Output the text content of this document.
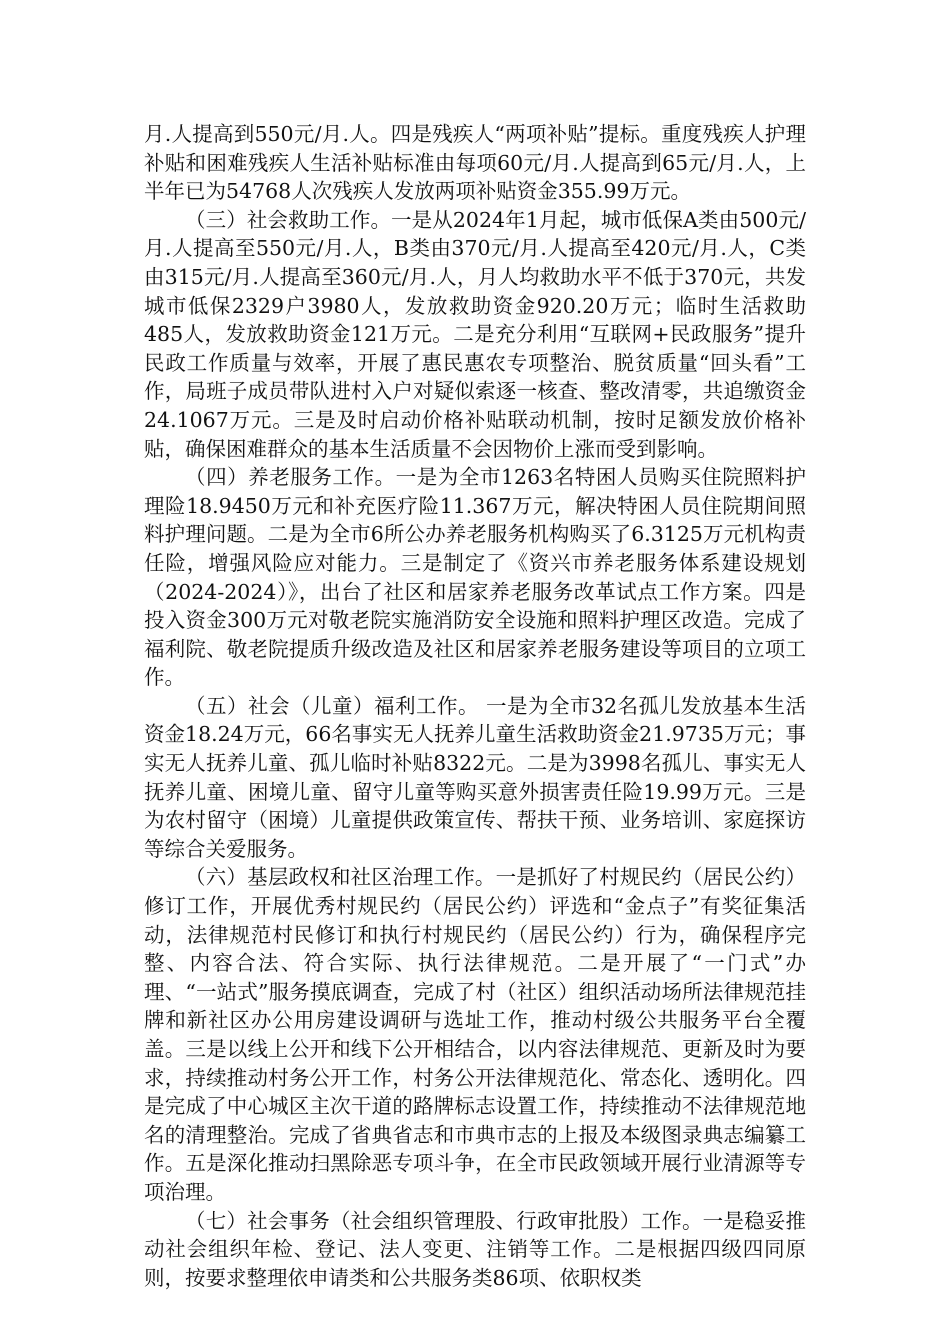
月.人提高到550元/月.人。四是残疾人“两项补贴”提标。重度残疾人护理补贴和困难残疾人生活补贴标准由每项60元/月.人提高到65元/月.人，上半年已为54768人次残疾人发放两项补贴资金355.99万元。

（三）社会救助工作。一是从2024年1月起，城市低保A类由500元/月.人提高至550元/月.人，B类由370元/月.人提高至420元/月.人，C类由315元/月.人提高至360元/月.人，月人均救助水平不低于370元，共发城市低保2329户3980人，发放救助资金920.20万元；临时生活救助485人，发放救助资金121万元。二是充分利用“互联网+民政服务”提升民政工作质量与效率，开展了惠民惠农专项整治、脱贫质量“回头看”工作，局班子成员带队进村入户对疑似索逐一核查、整改清零，共追缴资金24.1067万元。三是及时启动价格补贴联动机制，按时足额发放价格补贴，确保困难群众的基本生活质量不会因物价上涨而受到影响。

（四）养老服务工作。一是为全市1263名特困人员购买住院照料护理险18.9450万元和补充医疗险11.367万元，解决特困人员住院期间照料护理问题。二是为全市6所公办养老服务机构购买了6.3125万元机构责任险，增强风险应对能力。三是制定了《资兴市养老服务体系建设规划（2024-2024）》，出台了社区和居家养老服务改革试点工作方案。四是投入资金300万元对敬老院实施消防安全设施和照料护理区改造。完成了福利院、敬老院提质升级改造及社区和居家养老服务建设等项目的立项工作。

（五）社会（儿童）福利工作。 一是为全市32名孤儿发放基本生活资金18.24万元，66名事实无人抚养儿童生活救助资金21.9735万元；事实无人抚养儿童、孤儿临时补贴8322元。二是为3998名孤儿、事实无人抚养儿童、困境儿童、留守儿童等购买意外损害责任险19.99万元。三是为农村留守（困境）儿童提供政策宣传、帮扶干预、业务培训、家庭探访等综合关爱服务。

（六）基层政权和社区治理工作。一是抓好了村规民约（居民公约）修订工作，开展优秀村规民约（居民公约）评选和“金点子”有奖征集活动，法律规范村民修订和执行村规民约（居民公约）行为，确保程序完整、内容合法、符合实际、执行法律规范。二是开展了“一门式”办理、“一站式”服务摸底调查，完成了村（社区）组织活动场所法律规范挂牌和新社区办公用房建设调研与选址工作，推动村级公共服务平台全覆盖。三是以线上公开和线下公开相结合，以内容法律规范、更新及时为要求，持续推动村务公开工作，村务公开法律规范化、常态化、透明化。四是完成了中心城区主次干道的路牌标志设置工作，持续推动不法律规范地名的清理整治。完成了省典省志和市典市志的上报及本级图录典志编纂工作。五是深化推动扫黑除恶专项斗争，在全市民政领域开展行业清源等专项治理。

（七）社会事务（社会组织管理股、行政审批股）工作。一是稳妥推动社会组织年检、登记、法人变更、注销等工作。二是根据四级四同原则，按要求整理依申请类和公共服务类86项、依职权类
